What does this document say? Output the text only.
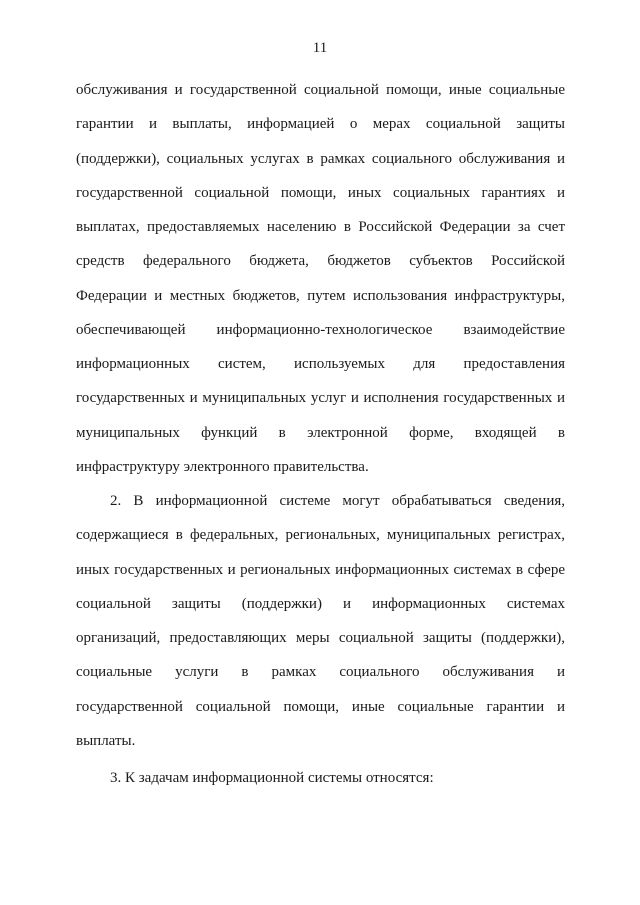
11
обслуживания и государственной социальной помощи, иные социальные
гарантии и выплаты, информацией о мерах социальной защиты
(поддержки), социальных услугах в рамках социального обслуживания и
государственной социальной помощи, иных социальных гарантиях и
выплатах, предоставляемых населению в Российской Федерации за счет
средств федерального бюджета, бюджетов субъектов Российской
Федерации и местных бюджетов, путем использования инфраструктуры,
обеспечивающей информационно-технологическое взаимодействие
информационных систем, используемых для предоставления
государственных и муниципальных услуг и исполнения государственных и
муниципальных функций в электронной форме, входящей в
инфраструктуру электронного правительства.
2. В информационной системе могут обрабатываться сведения,
содержащиеся в федеральных, региональных, муниципальных регистрах,
иных государственных и региональных информационных системах в сфере
социальной защиты (поддержки) и информационных системах
организаций, предоставляющих меры социальной защиты (поддержки),
социальные услуги в рамках социального обслуживания и
государственной социальной помощи, иные социальные гарантии и
выплаты.
3. К задачам информационной системы относятся:
